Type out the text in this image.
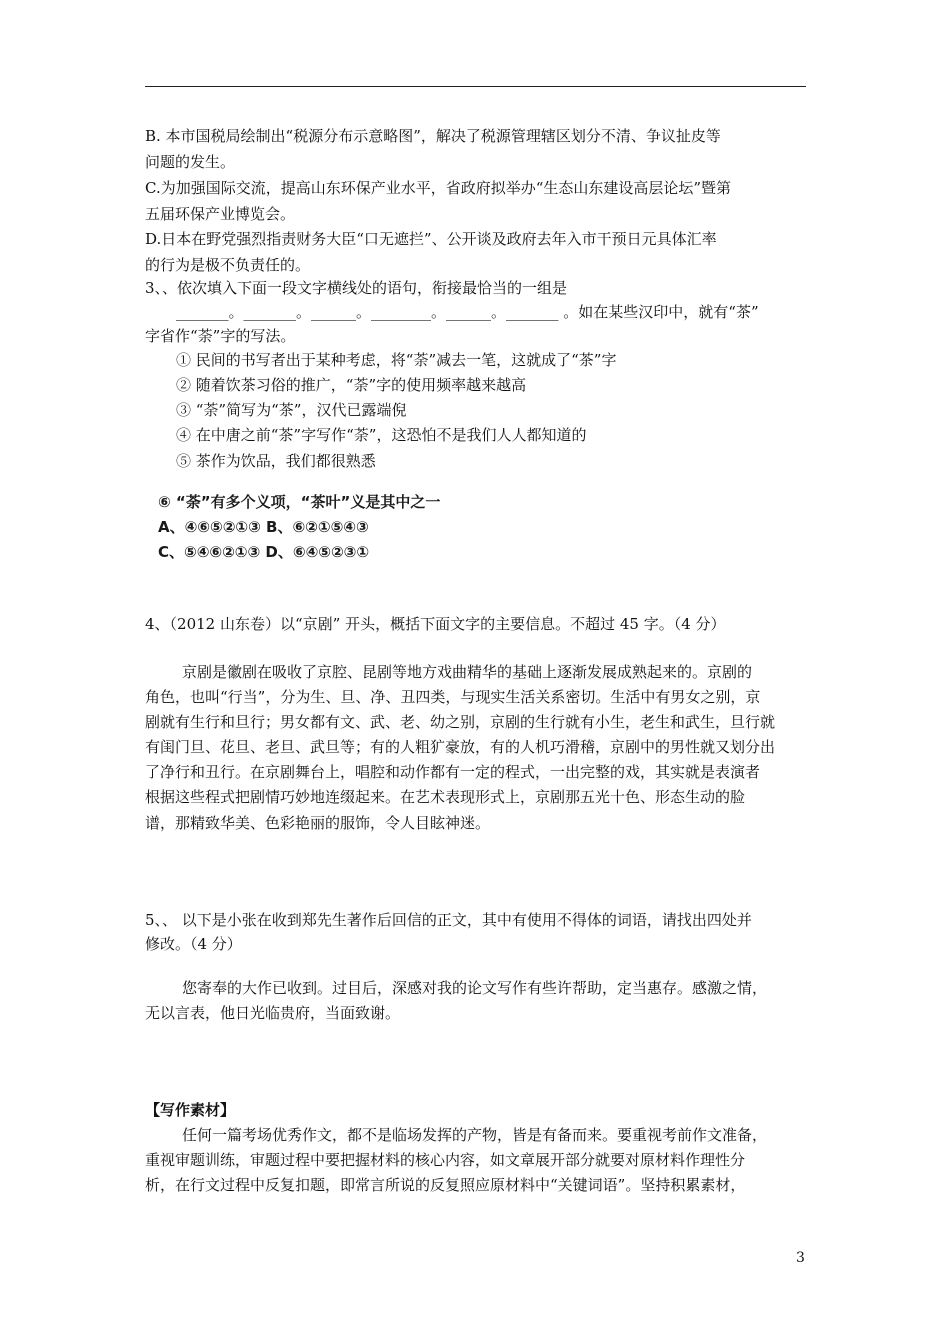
B. 本市国税局绘制出“税源分布示意略图”，解决了税源管理辖区划分不清、争议扯皮等
问题的发生。
C.为加强国际交流，提高山东环保产业水平，省政府拟举办“生态山东建设高层论坛”暨第
五届环保产业博览会。
D.日本在野党强烈指责财务大臣“口无遮拦”、公开谈及政府去年入市干预日元具体汇率
的行为是极不负责任的。
3、、依次填入下面一段文字横线处的语句，衔接最恰当的一组是
_______。_______。______。________。______。_______ 。如在某些汉印中，就有“茶”
字省作“荼”字的写法。
① 民间的书写者出于某种考虑，将“荼”减去一笔，这就成了“茶”字
② 随着饮茶习俗的推广，“荼”字的使用频率越来越高
③ “荼”简写为“茶”，汉代已露端倪
④ 在中唐之前“茶”字写作“荼”，这恐怕不是我们人人都知道的
⑤ 茶作为饮品，我们都很熟悉
⑥ “荼”有多个义项，“茶叶”义是其中之一
A、④⑥⑤②①③ B、⑥②①⑤④③
C、⑤④⑥②①③ D、⑥④⑤②③①
4、（2012 山东卷）以“京剧” 开头，概括下面文字的主要信息。不超过 45 字。（4 分）
京剧是徽剧在吸收了京腔、昆剧等地方戏曲精华的基础上逐渐发展成熟起来的。京剧的
角色，也叫“行当”，分为生、旦、净、丑四类，与现实生活关系密切。生活中有男女之别，京
剧就有生行和旦行；男女都有文、武、老、幼之别，京剧的生行就有小生，老生和武生，旦行就
有闺门旦、花旦、老旦、武旦等；有的人粗犷豪放，有的人机巧滑稽，京剧中的男性就又划分出
了净行和丑行。在京剧舞台上，唱腔和动作都有一定的程式，一出完整的戏，其实就是表演者
根据这些程式把剧情巧妙地连缀起来。在艺术表现形式上，京剧那五光十色、形态生动的脸
谱，那精致华美、色彩艳丽的服饰，令人目眩神迷。
5、、 以下是小张在收到郑先生著作后回信的正文，其中有使用不得体的词语，请找出四处并
修改。（4 分）
您寄奉的大作已收到。过目后，深感对我的论文写作有些许帮助，定当惠存。感激之情，
无以言表，他日光临贵府，当面致谢。
【写作素材】
任何一篇考场优秀作文，都不是临场发挥的产物，皆是有备而来。要重视考前作文准备，
重视审题训练，审题过程中要把握材料的核心内容，如文章展开部分就要对原材料作理性分
析，在行文过程中反复扣题，即常言所说的反复照应原材料中“关键词语”。坚持积累素材，
3
